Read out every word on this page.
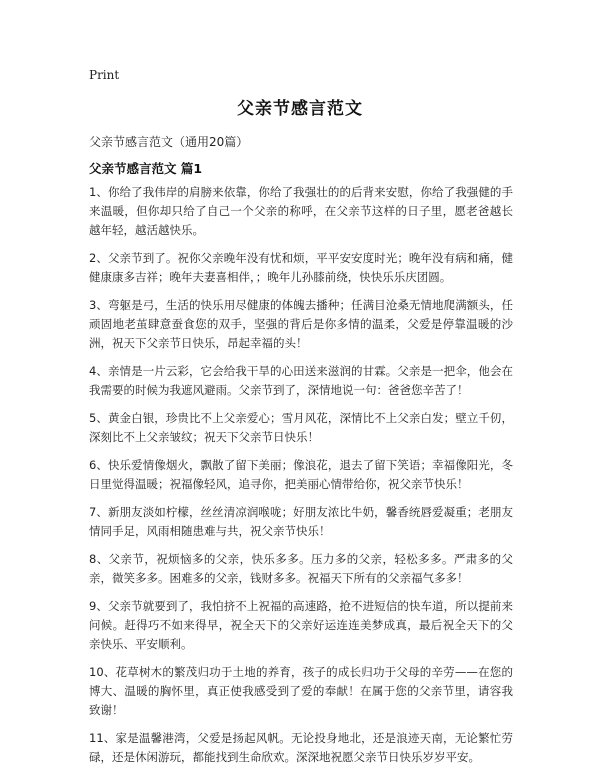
Print
父亲节感言范文
父亲节感言范文（通用20篇）
父亲节感言范文 篇1

1、你给了我伟岸的肩膀来依靠，你给了我强壮的的后背来安慰，你给了我强健的手来温暖，但你却只给了自己一个父亲的称呼，在父亲节这样的日子里，愿老爸越长越年轻，越活越快乐。

2、父亲节到了。祝你父亲晚年没有忧和烦，平平安安度时光；晚年没有病和痛，健健康康多吉祥；晚年夫妻喜相伴，；晚年儿孙膝前绕，快快乐乐庆团圆。

3、弯躯是弓，生活的快乐用尽健康的体魄去播种；任满目沧桑无情地爬满额头，任顽固地老茧肆意蚕食您的双手，坚强的背后是你多情的温柔，父爱是停靠温暖的沙洲，祝天下父亲节日快乐，昂起幸福的头！

4、亲情是一片云彩，它会给我干旱的心田送来滋润的甘霖。父亲是一把伞，他会在我需要的时候为我遮风避雨。父亲节到了，深情地说一句：爸爸您辛苦了！

5、黄金白银，珍贵比不上父亲爱心；雪月风花，深情比不上父亲白发；壁立千仞，深刻比不上父亲皱纹；祝天下父亲节日快乐！

6、快乐爱情像烟火，飘散了留下美丽；像浪花，退去了留下笑语；幸福像阳光，冬日里觉得温暖；祝福像轻风，追寻你，把美丽心情带给你，祝父亲节快乐！

7、新朋友淡如柠檬，丝丝清凉润喉咙；好朋友浓比牛奶，馨香统唇爱凝重；老朋友情同手足，风雨相随患难与共，祝父亲节快乐！

8、父亲节，祝烦恼多的父亲，快乐多多。压力多的父亲，轻松多多。严肃多的父亲，微笑多多。困难多的父亲，钱财多多。祝福天下所有的父亲福气多多！

9、父亲节就要到了，我怕挤不上祝福的高速路，抢不进短信的快车道，所以提前来问候。赶得巧不如来得早，祝全天下的父亲好运连连美梦成真，最后祝全天下的父亲快乐、平安顺利。

10、花草树木的繁茂归功于土地的养育，孩子的成长归功于父母的辛劳——在您的博大、温暖的胸怀里，真正使我感受到了爱的奉献！在属于您的父亲节里，请容我致谢！

11、家是温馨港湾，父爱是扬起风帆。无论投身地北，还是浪迹天南，无论繁忙劳碌，还是休闲游玩，都能找到生命欣欢。深深地祝愿父亲节日快乐岁岁平安。
